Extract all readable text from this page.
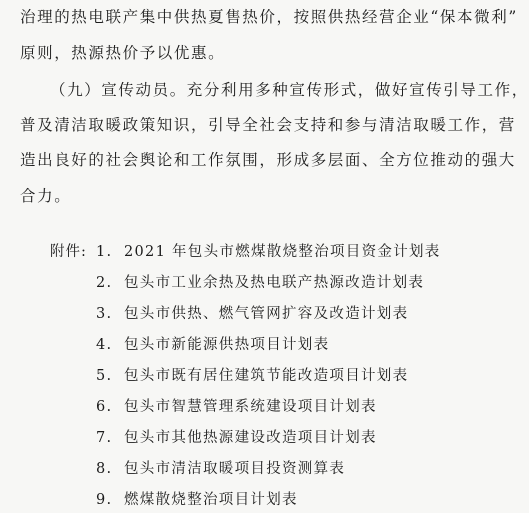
治理的热电联产集中供热夏售热价，按照供热经营企业“保本微利”
原则，热源热价予以优惠。
（九）宣传动员。充分利用多种宣传形式，做好宣传引导工作，
普及清洁取暖政策知识，引导全社会支持和参与清洁取暖工作，营
造出良好的社会舆论和工作氛围，形成多层面、全方位推动的强大
合力。
附件: 1. 2021 年包头市燃煤散烧整治项目资金计划表
2. 包头市工业余热及热电联产热源改造计划表
3. 包头市供热、燃气管网扩容及改造计划表
4. 包头市新能源供热项目计划表
5. 包头市既有居住建筑节能改造项目计划表
6. 包头市智慧管理系统建设项目计划表
7. 包头市其他热源建设改造项目计划表
8. 包头市清洁取暖项目投资测算表
9. 燃煤散烧整治项目计划表
